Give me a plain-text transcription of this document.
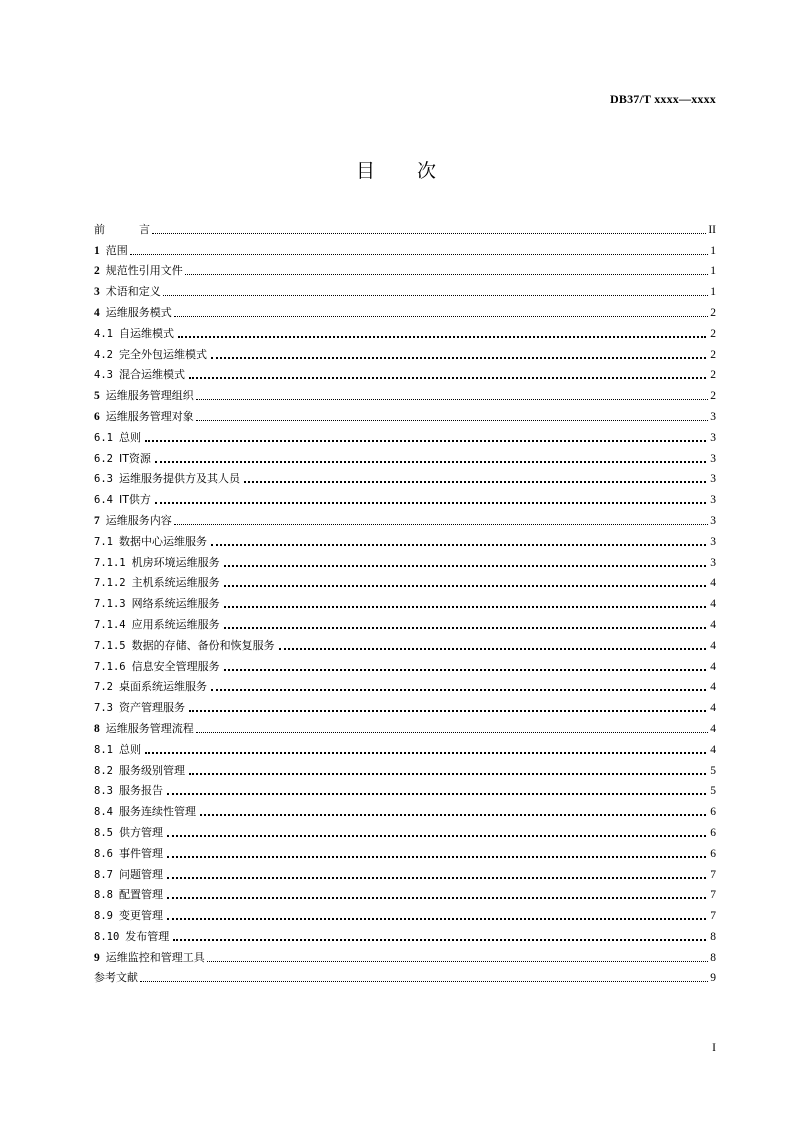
DB37/T xxxx—xxxx
目 次
前	言	II
1 范围	1
2 规范性引用文件	1
3 术语和定义	1
4 运维服务模式	2
4.1 自运维模式	2
4.2 完全外包运维模式	2
4.3 混合运维模式	2
5 运维服务管理组织	2
6 运维服务管理对象	3
6.1 总则	3
6.2 IT资源	3
6.3 运维服务提供方及其人员	3
6.4 IT供方	3
7 运维服务内容	3
7.1 数据中心运维服务	3
7.1.1 机房环境运维服务	3
7.1.2 主机系统运维服务	4
7.1.3 网络系统运维服务	4
7.1.4 应用系统运维服务	4
7.1.5 数据的存储、备份和恢复服务	4
7.1.6 信息安全管理服务	4
7.2 桌面系统运维服务	4
7.3 资产管理服务	4
8 运维服务管理流程	4
8.1 总则	4
8.2 服务级别管理	5
8.3 服务报告	5
8.4 服务连续性管理	6
8.5 供方管理	6
8.6 事件管理	6
8.7 问题管理	7
8.8 配置管理	7
8.9 变更管理	7
8.10 发布管理	8
9 运维监控和管理工具	8
参考文献	9
I
